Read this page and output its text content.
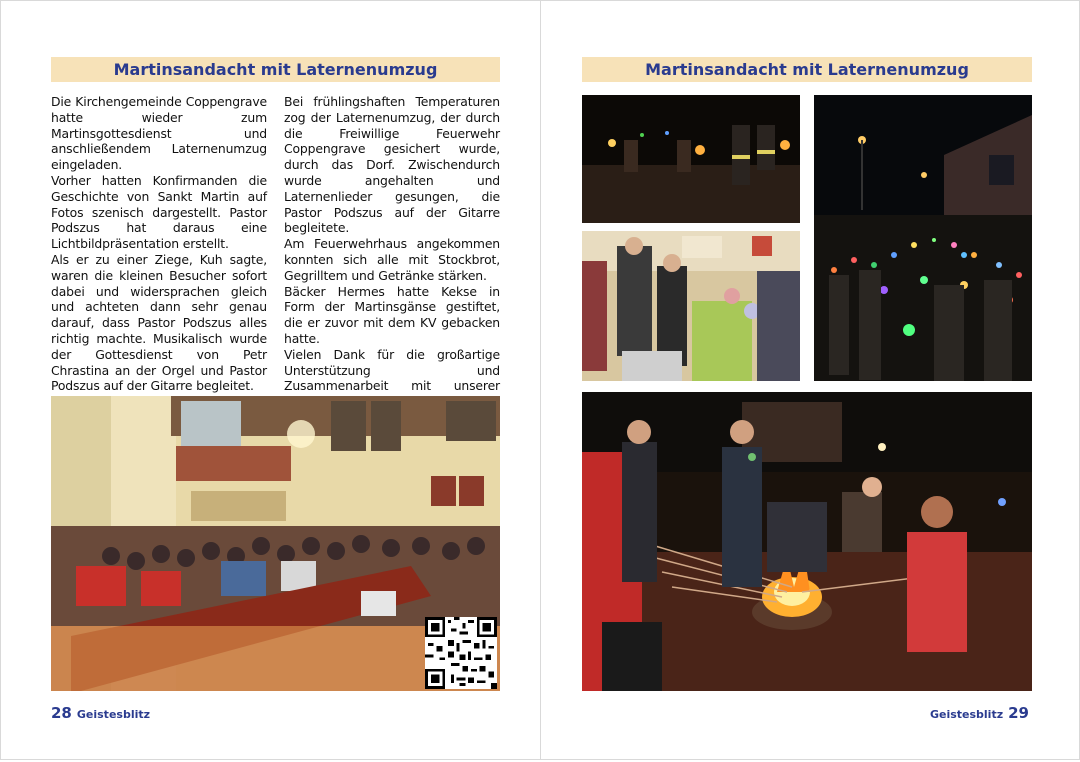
Martinsandacht mit Laternenumzug

Die Kirchengemeinde Coppengrave hatte wieder zum Martinsgottesdienst und anschließendem Laternenumzug eingeladen.

Vorher hatten Konfirmanden die Geschichte von Sankt Martin auf Fotos szenisch dargestellt. Pastor Podszus hat daraus eine Lichtbildpräsentation erstellt.

Als er zu einer Ziege, Kuh sagte, waren die kleinen Besucher sofort dabei und widersprachen gleich und achteten dann sehr genau darauf, dass Pastor Podszus alles richtig machte. Musikalisch wurde der Gottesdienst von Petr Chrastina an der Orgel und Pastor Podszus auf der Gitarre begleitet.

Bei frühlingshaften Temperaturen zog der Laternenumzug, der durch die Freiwillige Feuerwehr Coppengrave gesichert wurde, durch das Dorf. Zwischendurch wurde angehalten und Laternenlieder gesungen, die Pastor Podszus auf der Gitarre begleitete.

Am Feuerwehrhaus angekommen konnten sich alle mit Stockbrot, Gegrilltem und Getränke stärken.

Bäcker Hermes hatte Kekse in Form der Martinsgänse gestiftet, die er zuvor mit dem KV gebacken hatte.

Vielen Dank für die großartige Unterstützung und Zusammenarbeit mit unserer

28 Geistesblitz
Martinsandacht mit Laternenumzug
Geistesblitz 29
